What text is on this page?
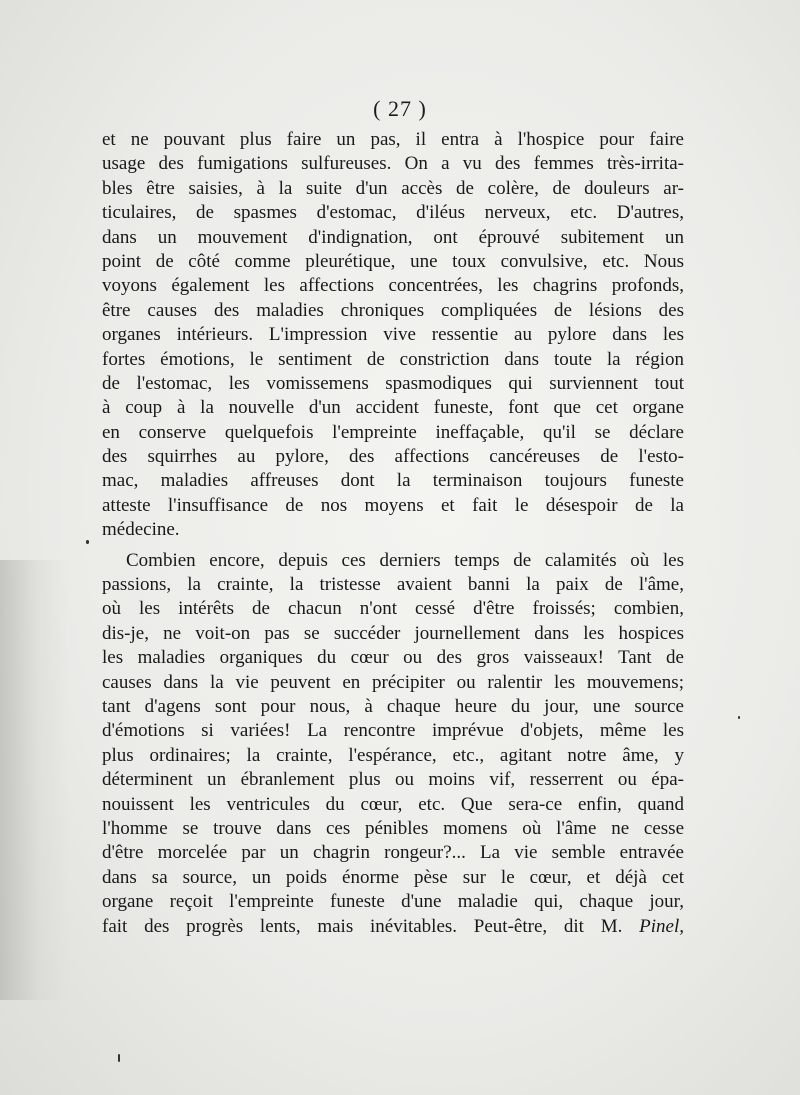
( 27 )
et ne pouvant plus faire un pas, il entra à l'hospice pour faire
usage des fumigations sulfureuses. On a vu des femmes très-irrita-
bles être saisies, à la suite d'un accès de colère, de douleurs ar-
ticulaires, de spasmes d'estomac, d'iléus nerveux, etc. D'autres,
dans un mouvement d'indignation, ont éprouvé subitement un
point de côté comme pleurétique, une toux convulsive, etc. Nous
voyons également les affections concentrées, les chagrins profonds,
être causes des maladies chroniques compliquées de lésions des
organes intérieurs. L'impression vive ressentie au pylore dans les
fortes émotions, le sentiment de constriction dans toute la région
de l'estomac, les vomissemens spasmodiques qui surviennent tout
à coup à la nouvelle d'un accident funeste, font que cet organe
en conserve quelquefois l'empreinte ineffaçable, qu'il se déclare
des squirrhes au pylore, des affections cancéreuses de l'esto-
mac, maladies affreuses dont la terminaison toujours funeste
atteste l'insuffisance de nos moyens et fait le désespoir de la
médecine.
Combien encore, depuis ces derniers temps de calamités où les
passions, la crainte, la tristesse avaient banni la paix de l'âme,
où les intérêts de chacun n'ont cessé d'être froissés; combien,
dis-je, ne voit-on pas se succéder journellement dans les hospices
les maladies organiques du cœur ou des gros vaisseaux! Tant de
causes dans la vie peuvent en précipiter ou ralentir les mouvemens;
tant d'agens sont pour nous, à chaque heure du jour, une source
d'émotions si variées! La rencontre imprévue d'objets, même les
plus ordinaires; la crainte, l'espérance, etc., agitant notre âme, y
déterminent un ébranlement plus ou moins vif, resserrent ou épa-
nouissent les ventricules du cœur, etc. Que sera-ce enfin, quand
l'homme se trouve dans ces pénibles momens où l'âme ne cesse
d'être morcelée par un chagrin rongeur?... La vie semble entravée
dans sa source, un poids énorme pèse sur le cœur, et déjà cet
organe reçoit l'empreinte funeste d'une maladie qui, chaque jour,
fait des progrès lents, mais inévitables. Peut-être, dit M. Pinel,
